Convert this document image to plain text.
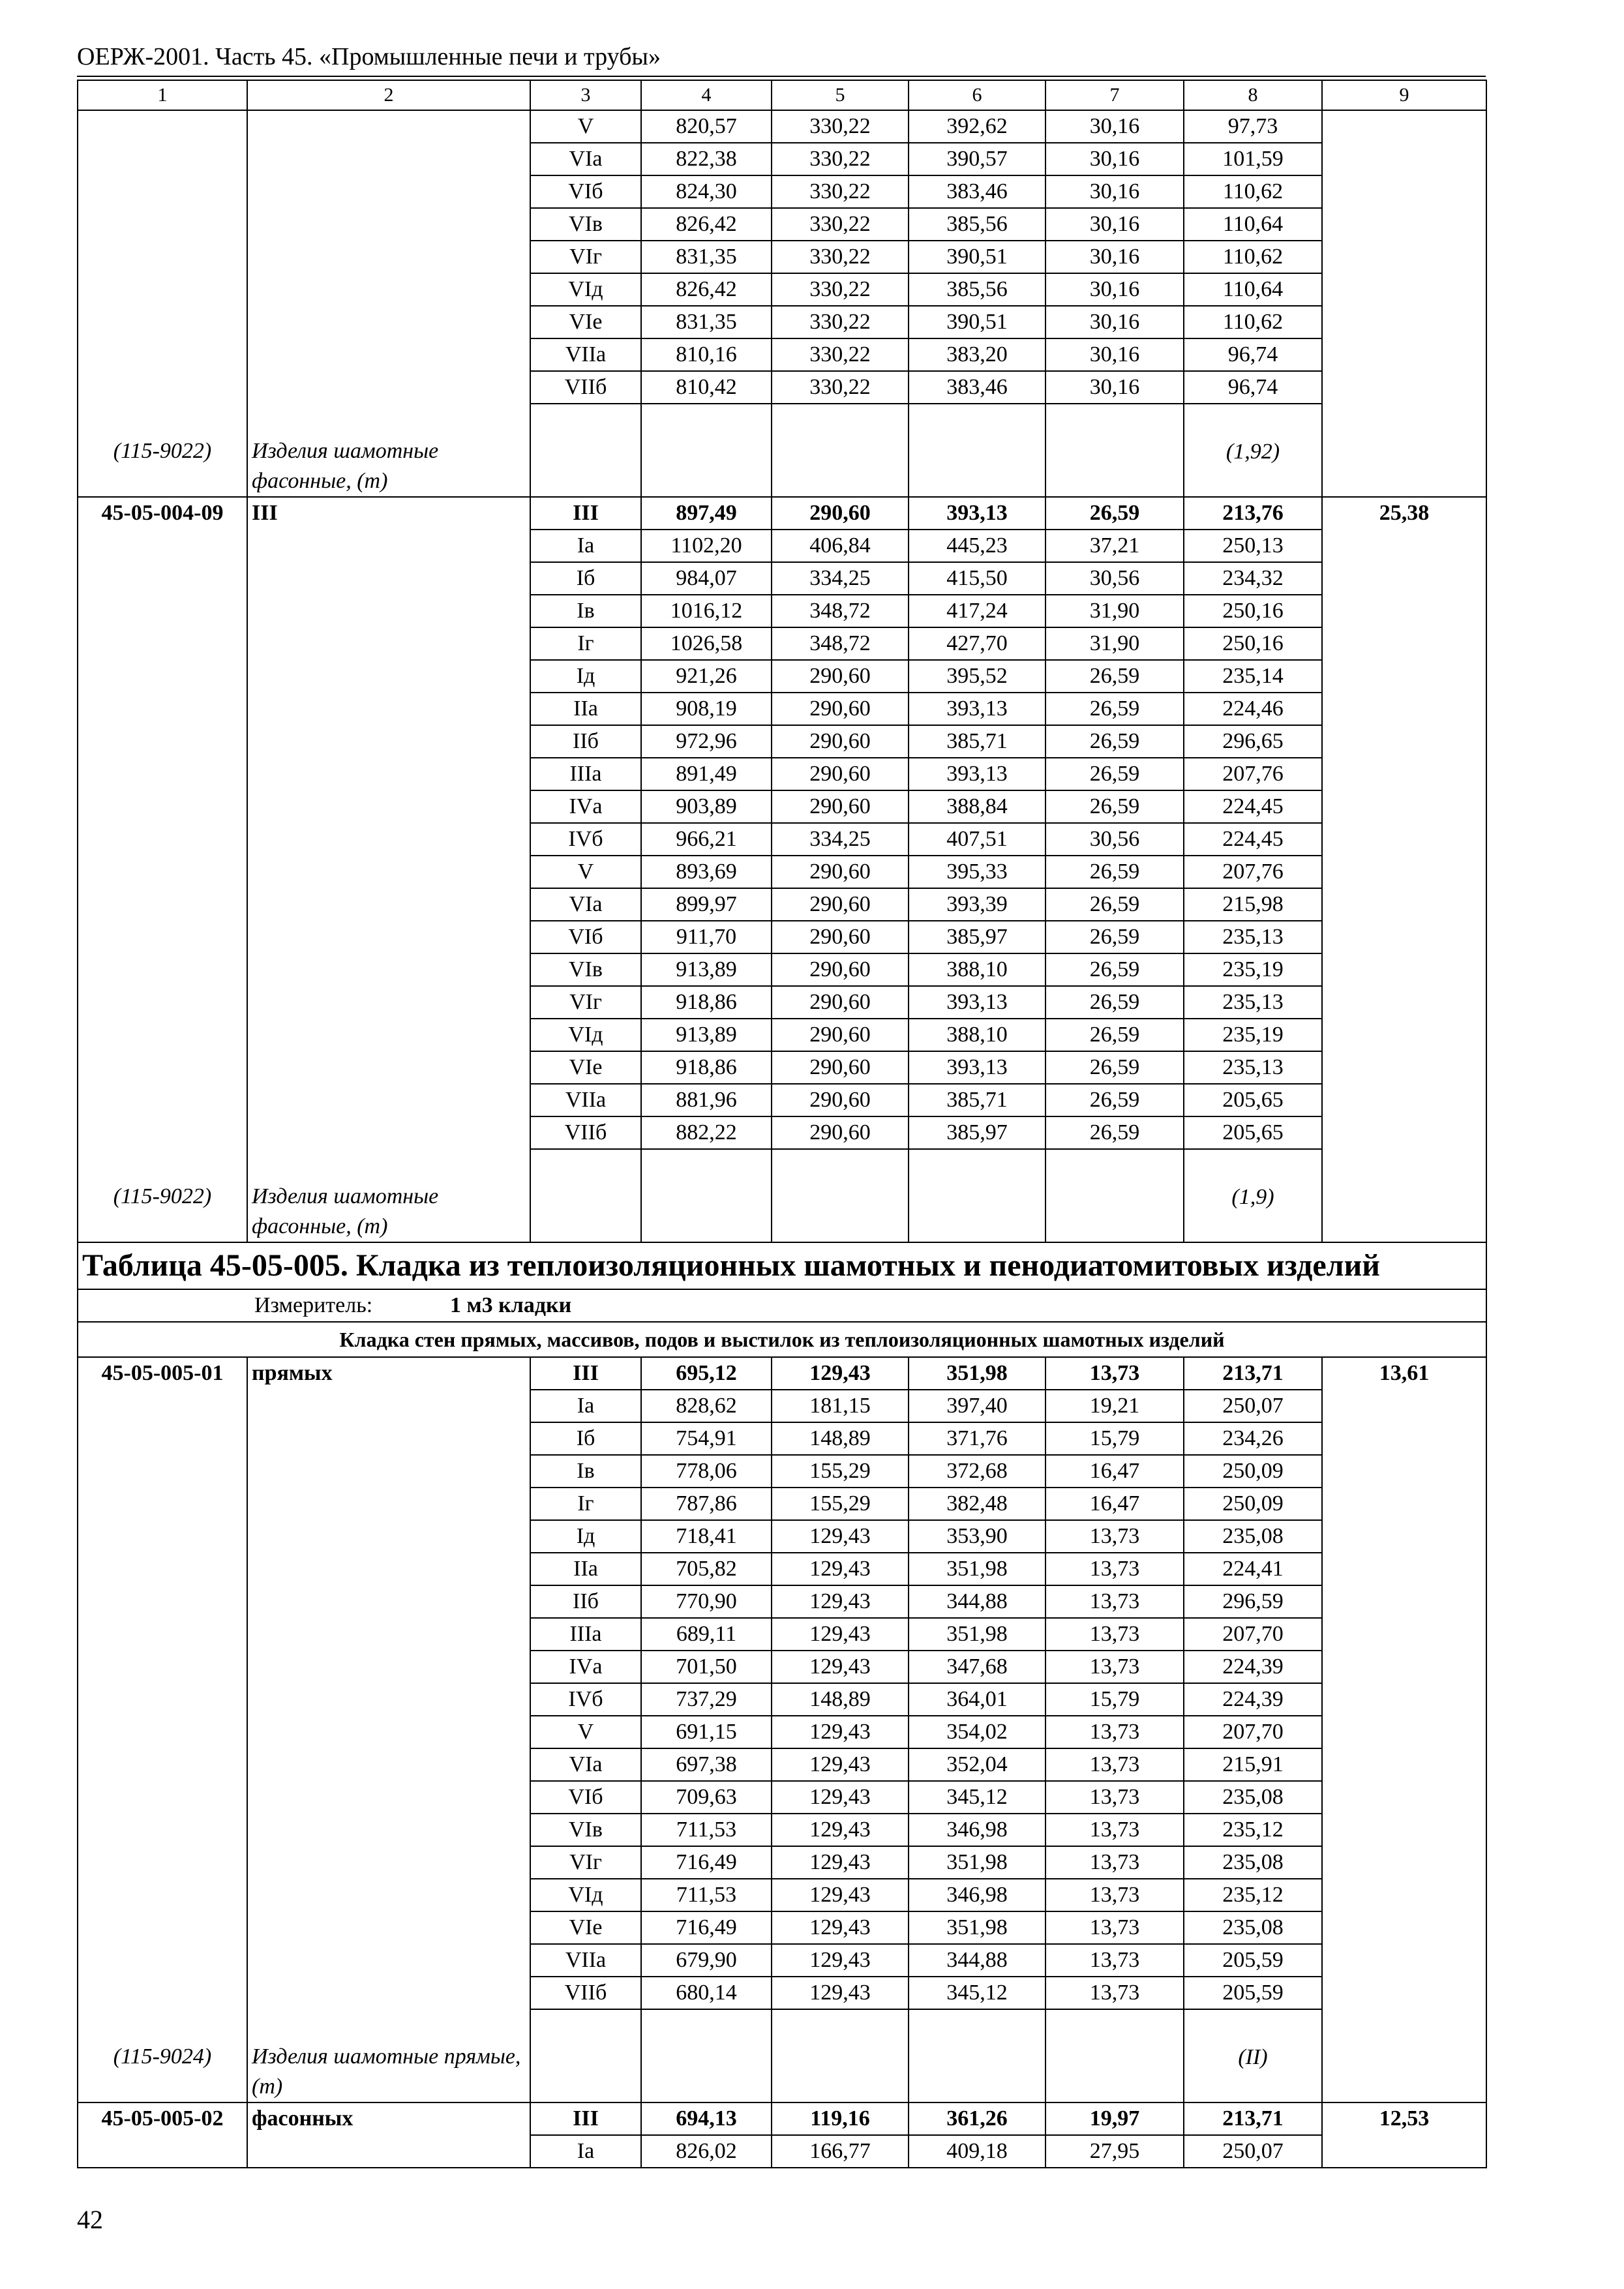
ОЕРЖ-2001. Часть 45. «Промышленные печи и трубы»
1	2	3	4	5	6	7	8	9
		V	820,57	330,22	392,62	30,16	97,73	
		VIа	822,38	330,22	390,57	30,16	101,59	
		VIб	824,30	330,22	383,46	30,16	110,62	
		VIв	826,42	330,22	385,56	30,16	110,64	
		VIг	831,35	330,22	390,51	30,16	110,62	
		VIд	826,42	330,22	385,56	30,16	110,64	
		VIе	831,35	330,22	390,51	30,16	110,62	
		VIIа	810,16	330,22	383,20	30,16	96,74	
		VIIб	810,42	330,22	383,46	30,16	96,74	
(115-9022)	Изделия шамотные фасонные, (т)						(1,92)	
45-05-004-09	III	III	897,49	290,60	393,13	26,59	213,76	25,38
		Iа	1102,20	406,84	445,23	37,21	250,13	
		Iб	984,07	334,25	415,50	30,56	234,32	
		Iв	1016,12	348,72	417,24	31,90	250,16	
		Iг	1026,58	348,72	427,70	31,90	250,16	
		Iд	921,26	290,60	395,52	26,59	235,14	
		IIа	908,19	290,60	393,13	26,59	224,46	
		IIб	972,96	290,60	385,71	26,59	296,65	
		IIIа	891,49	290,60	393,13	26,59	207,76	
		IVа	903,89	290,60	388,84	26,59	224,45	
		IVб	966,21	334,25	407,51	30,56	224,45	
		V	893,69	290,60	395,33	26,59	207,76	
		VIа	899,97	290,60	393,39	26,59	215,98	
		VIб	911,70	290,60	385,97	26,59	235,13	
		VIв	913,89	290,60	388,10	26,59	235,19	
		VIг	918,86	290,60	393,13	26,59	235,13	
		VIд	913,89	290,60	388,10	26,59	235,19	
		VIе	918,86	290,60	393,13	26,59	235,13	
		VIIа	881,96	290,60	385,71	26,59	205,65	
		VIIб	882,22	290,60	385,97	26,59	205,65	
(115-9022)	Изделия шамотные фасонные, (т)						(1,9)	
Таблица 45-05-005. Кладка из теплоизоляционных шамотных и пенодиатомитовых изделий								
Измеритель: 1 м3 кладки								
Кладка стен прямых, массивов, подов и выстилок из теплоизоляционных шамотных изделий								
45-05-005-01	прямых	III	695,12	129,43	351,98	13,73	213,71	13,61
		Iа	828,62	181,15	397,40	19,21	250,07	
		Iб	754,91	148,89	371,76	15,79	234,26	
		Iв	778,06	155,29	372,68	16,47	250,09	
		Iг	787,86	155,29	382,48	16,47	250,09	
		Iд	718,41	129,43	353,90	13,73	235,08	
		IIа	705,82	129,43	351,98	13,73	224,41	
		IIб	770,90	129,43	344,88	13,73	296,59	
		IIIа	689,11	129,43	351,98	13,73	207,70	
		IVа	701,50	129,43	347,68	13,73	224,39	
		IVб	737,29	148,89	364,01	15,79	224,39	
		V	691,15	129,43	354,02	13,73	207,70	
		VIа	697,38	129,43	352,04	13,73	215,91	
		VIб	709,63	129,43	345,12	13,73	235,08	
		VIв	711,53	129,43	346,98	13,73	235,12	
		VIг	716,49	129,43	351,98	13,73	235,08	
		VIд	711,53	129,43	346,98	13,73	235,12	
		VIе	716,49	129,43	351,98	13,73	235,08	
		VIIа	679,90	129,43	344,88	13,73	205,59	
		VIIб	680,14	129,43	345,12	13,73	205,59	
(115-9024)	Изделия шамотные прямые, (т)						(II)	
45-05-005-02	фасонных	III	694,13	119,16	361,26	19,97	213,71	12,53
		Iа	826,02	166,77	409,18	27,95	250,07	
42
